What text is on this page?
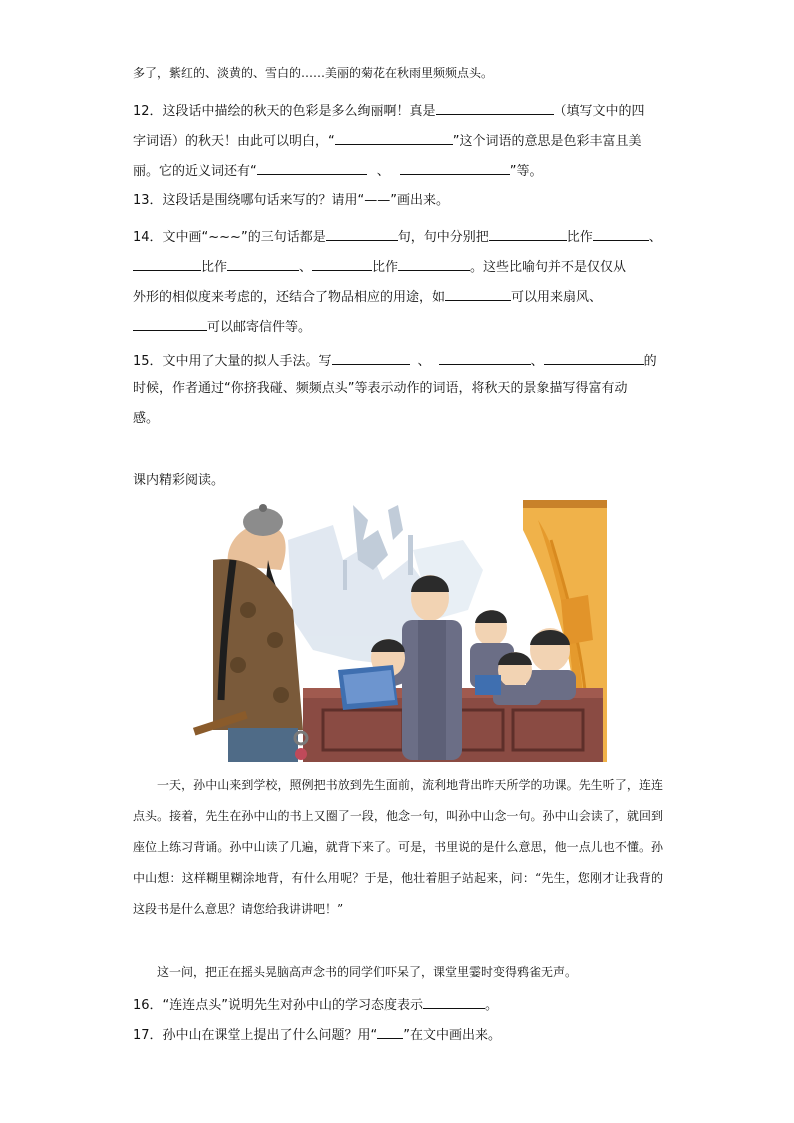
多了，紫红的、淡黄的、雪白的……美丽的菊花在秋雨里频频点头。
12．这段话中描绘的秋天的色彩是多么绚丽啊！真是	（填写文中的四
字词语）的秋天！由此可以明白，“	”这个词语的意思是色彩丰富且美
丽。它的近义词还有“	、	”等。
13．这段话是围绕哪句话来写的？请用“——”画出来。
14．文中画“~~~”的三句话都是	句，句中分别把	比作	、
比作	、	比作	。这些比喻句并不是仅仅从
外形的相似度来考虑的，还结合了物品相应的用途，如	可以用来扇风、
可以邮寄信件等。
15．文中用了大量的拟人手法。写	、	、	的
时候，作者通过“你挤我碰、频频点头”等表示动作的词语，将秋天的景象描写得富有动
感。
课内精彩阅读。
一天，孙中山来到学校，照例把书放到先生面前，流利地背出昨天所学的功课。先生听了，连连点头。接着，先生在孙中山的书上又圈了一段，他念一句，叫孙中山念一句。孙中山会读了，就回到座位上练习背诵。孙中山读了几遍，就背下来了。可是，书里说的是什么意思，他一点儿也不懂。孙中山想：这样糊里糊涂地背，有什么用呢？于是，他壮着胆子站起来，问：“先生，您刚才让我背的这段书是什么意思？请您给我讲讲吧！”
这一问，把正在摇头晃脑高声念书的同学们吓呆了，课堂里霎时变得鸦雀无声。
16．“连连点头”说明先生对孙中山的学习态度表示	。
17．孙中山在课堂上提出了什么问题？用“ ”在文中画出来。
